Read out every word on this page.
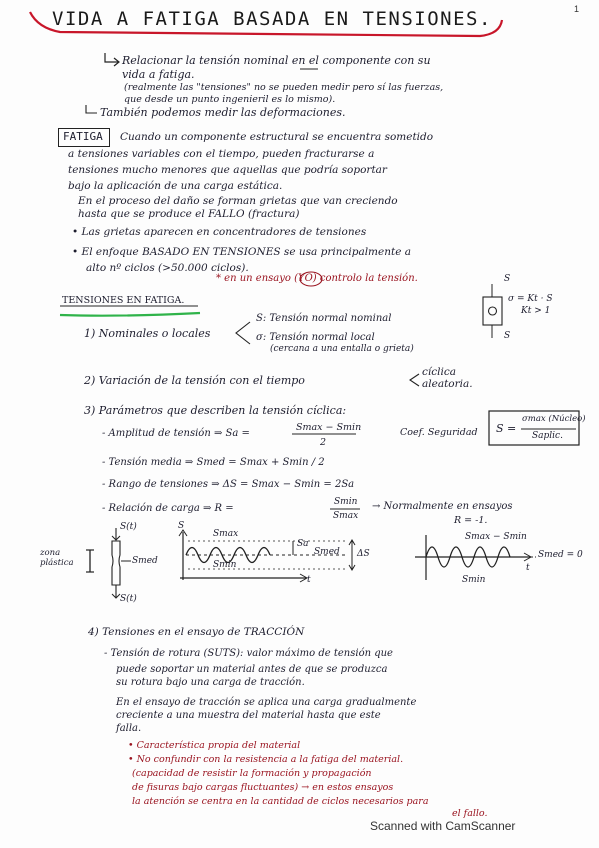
1
VIDA A FATIGA BASADA EN TENSIONES.
Relacionar la tensión nominal en el componente con su
vida a fatiga.
(realmente las "tensiones" no se pueden medir pero sí las fuerzas,
que desde un punto ingenieril es lo mismo).
También podemos medir las deformaciones.
FATIGA Cuando un componente estructural se encuentra sometido
a tensiones variables con el tiempo, pueden fracturarse a
tensiones mucho menores que aquellas que podría soportar
bajo la aplicación de una carga estática.
En el proceso del daño se forman grietas que van creciendo
hasta que se produce el FALLO (fractura)
• Las grietas aparecen en concentradores de tensiones
• El enfoque BASADO EN TENSIONES se usa principalmente a
alto nº ciclos (>50.000 ciclos).
* en un ensayo (YO) controlo la tensión.
TENSIONES EN FATIGA.
1) Nominales o locales
S: Tensión normal nominal
σ: Tensión normal local
(cercana a una entalla o grieta)
S
S
σ = Kt · S
Kt > 1
2) Variación de la tensión con el tiempo
cíclica
aleatoria.
3) Parámetros que describen la tensión cíclica:
- Amplitud de tensión ⇒ Sa =
Smax − Smin
2
Coef. Seguridad S =
σmax (Núcleo)
Saplic.
- Tensión media ⇒ Smed = Smax + Smin / 2
- Rango de tensiones ⇒ ΔS = Smax − Smin = 2Sa
- Relación de carga ⇒ R =
Smin
Smax
→ Normalmente en ensayos
R = -1.
S(t)
S(t)
zona
plástica	Smed
S
Smax
Smin
Sa
Smed ΔS
t
Smax − Smin
Smed = 0
t
Smin
4) Tensiones en el ensayo de TRACCIÓN
- Tensión de rotura (SUTS): valor máximo de tensión que
puede soportar un material antes de que se produzca
su rotura bajo una carga de tracción.
En el ensayo de tracción se aplica una carga gradualmente
creciente a una muestra del material hasta que este
falla.
• Característica propia del material
• No confundir con la resistencia a la fatiga del material.
(capacidad de resistir la formación y propagación
de fisuras bajo cargas fluctuantes) → en estos ensayos
la atención se centra en la cantidad de ciclos necesarios para
el fallo.
Scanned with CamScanner
